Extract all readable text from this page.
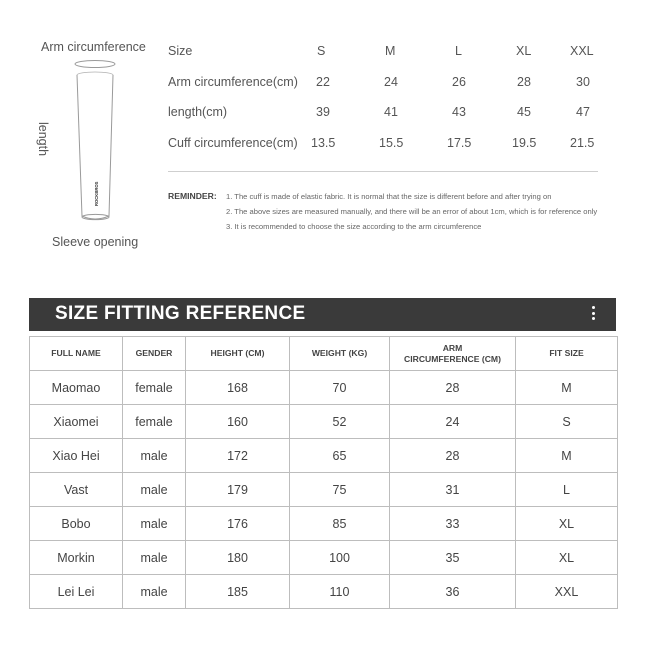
Arm circumference
length
Sleeve opening
ROCKBROS
Size	S	M	L	XL	XXL
Arm circumference(cm) 22	24	26	28	30
length(cm)	39	41	43	45	47
Cuff circumference(cm) 13.5	15.5	17.5	19.5	21.5
REMINDER: 1. The cuff is made of elastic fabric. It is normal that the size is different before and after trying on
2. The above sizes are measured manually, and there will be an error of about 1cm, which is for reference only
3. It is recommended to choose the size according to the arm circumference
SIZE FITTING REFERENCE
FULL NAME	GENDER	HEIGHT (CM)	WEIGHT (KG)	ARM
CIRCUMFERENCE (CM)	FIT SIZE
Maomao	female	168	70	28	M
Xiaomei	female	160	52	24	S
Xiao Hei	male	172	65	28	M
Vast	male	179	75	31	L
Bobo	male	176	85	33	XL
Morkin	male	180	100	35	XL
Lei Lei	male	185	110	36	XXL
